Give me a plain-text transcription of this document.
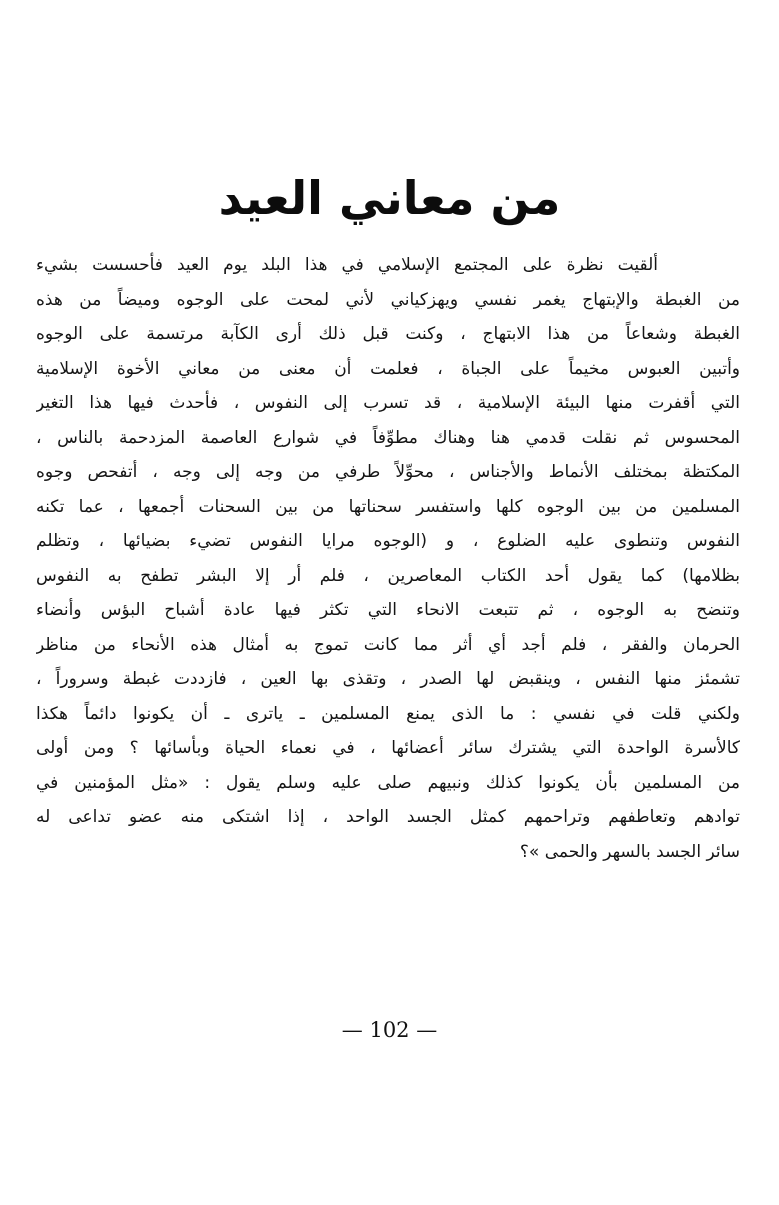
من معاني العيد
ألقيت نظرة على المجتمع الإسلامي في هذا البلد يوم العيد فأحسست بشيء
من الغبطة والإبتهاج يغمر نفسي ويهزكياني لأني لمحت على الوجوه وميضاً من هذه
الغبطة وشعاعاً من هذا الابتهاج ، وكنت قبل ذلك أرى الكآبة مرتسمة على الوجوه
وأتبين العبوس مخيماً على الجباة ، فعلمت أن معنى من معاني الأخوة الإسلامية
التي أقفرت منها البيئة الإسلامية ، قد تسرب إلى النفوس ، فأحدث فيها هذا التغير
المحسوس ثم نقلت قدمي هنا وهناك مطوِّفاً في شوارع العاصمة المزدحمة بالناس ،
المكتظة بمختلف الأنماط والأجناس ، محوِّلاً طرفي من وجه إلى وجه ، أتفحص وجوه
المسلمين من بين الوجوه كلها واستفسر سحناتها من بين السحنات أجمعها ، عما تكنه
النفوس وتنطوى عليه الضلوع ، و (الوجوه مرايا النفوس تضيء بضيائها ، وتظلم
بظلامها) كما يقول أحد الكتاب المعاصرين ، فلم أر إلا البشر تطفح به النفوس
وتنضح به الوجوه ، ثم تتبعت الانحاء التي تكثر فيها عادة أشباح البؤس وأنضاء
الحرمان والفقر ، فلم أجد أي أثر مما كانت تموج به أمثال هذه الأنحاء من مناظر
تشمئز منها النفس ، وينقبض لها الصدر ، وتقذى بها العين ، فازددت غبطة وسروراً ،
ولكني قلت في نفسي : ما الذى يمنع المسلمين ـ ياترى ـ أن يكونوا دائماً هكذا
كالأسرة الواحدة التي يشترك سائر أعضائها ، في نعماء الحياة وبأسائها ؟ ومن أولى
من المسلمين بأن يكونوا كذلك ونبيهم صلى عليه وسلم يقول : «مثل المؤمنين في
توادهم وتعاطفهم وتراحمهم كمثل الجسد الواحد ، إذا اشتكى منه عضو تداعى له
سائر الجسد بالسهر والحمى »؟
— 102 —
